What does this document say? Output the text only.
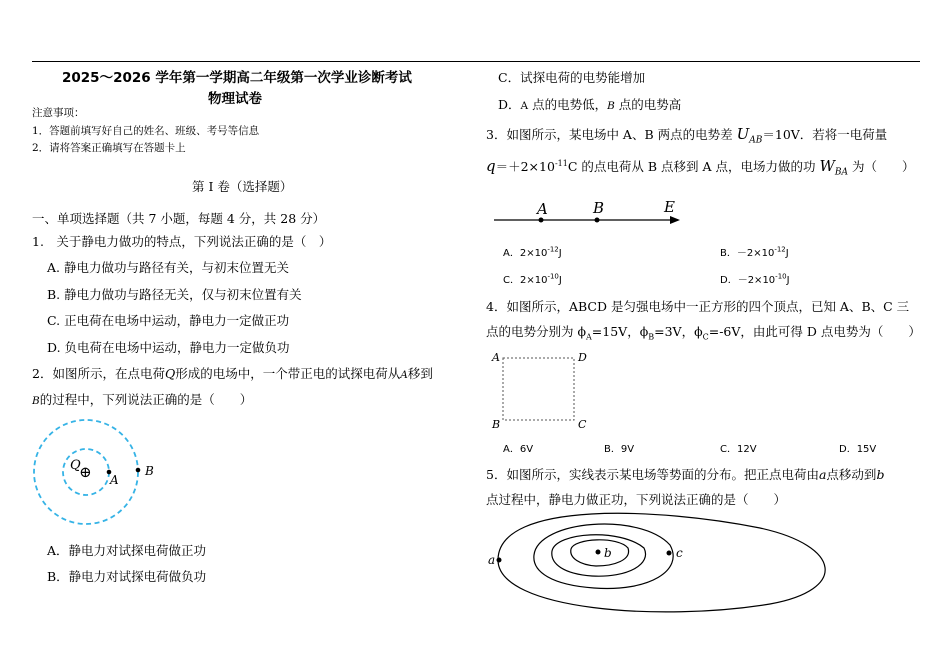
2025～2026 学年第一学期高二年级第一次学业诊断考试
物理试卷
注意事项：
1．答题前填写好自己的姓名、班级、考号等信息
2．请将答案正确填写在答题卡上
第 I 卷（选择题）
一、单项选择题（共 7 小题，每题 4 分，共 28 分）
1.　关于静电力做功的特点，下列说法正确的是（　）
A. 静电力做功与路径有关，与初末位置无关
B. 静电力做功与路径无关，仅与初末位置有关
C. 正电荷在电场中运动，静电力一定做正功
D. 负电荷在电场中运动，静电力一定做负功
2．如图所示，在点电荷Q形成的电场中，一个带正电的试探电荷从A移到
B的过程中，下列说法正确的是（　　）
Q
⊕ A
B
A．静电力对试探电荷做正功
B．静电力对试探电荷做负功
C．试探电荷的电势能增加
D．A 点的电势低，B 点的电势高
3．如图所示，某电场中 A、B 两点的电势差 $U_{AB}=10V$．若将一电荷量
$q=+2\times 10^{-11}C$ 的点电荷从 B 点移到 A 点，电场力做的功 $W_{BA}$ 为（　　）
A	B	E
A．$2\times 10^{-12}J$	B．$-2\times 10^{-12}J$
C．$2\times 10^{-10}J$	D．$-2\times 10^{-10}J$
4．如图所示，ABCD 是匀强电场中一正方形的四个顶点，已知 A、B、C 三
点的电势分别为 $\phi_A=15V$，$\phi_B=3V$，$\phi_C=-6V$，由此可得 D 点电势为（　　）
A	D
B	C
A．6V	B．9V	C．12V	D．15V
5．如图所示，实线表示某电场等势面的分布。把正点电荷由a点移动到b
点过程中，静电力做正功，下列说法正确的是（　　）
a	b	c
